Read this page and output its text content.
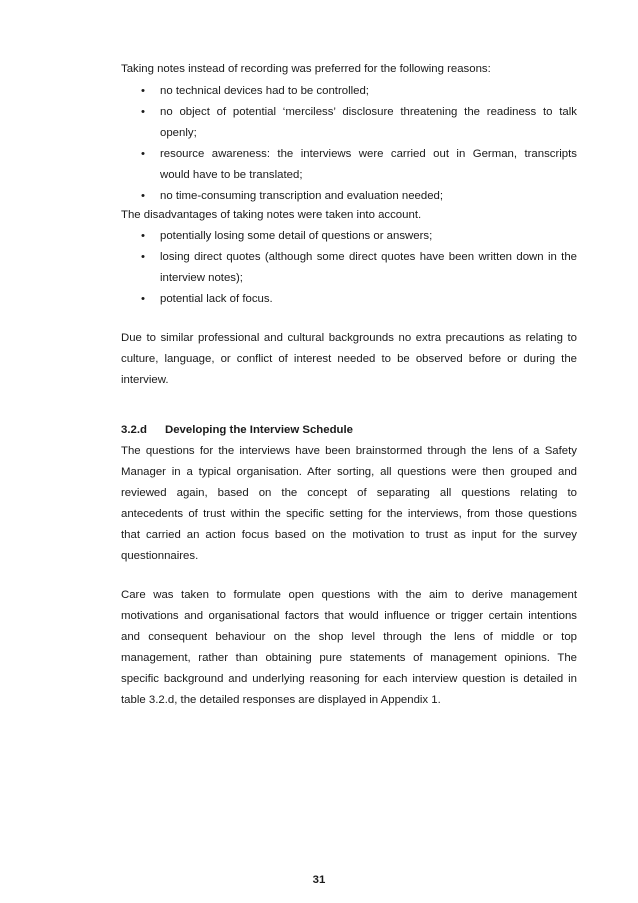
Taking notes instead of recording was preferred for the following reasons:
• no technical devices had to be controlled;
• no object of potential ‘merciless’ disclosure threatening the readiness to talk
openly;
• resource awareness: the interviews were carried out in German, transcripts
would have to be translated;
• no time-consuming transcription and evaluation needed;
The disadvantages of taking notes were taken into account.
• potentially losing some detail of questions or answers;
• losing direct quotes (although some direct quotes have been written down in the
interview notes);
• potential lack of focus.
Due to similar professional and cultural backgrounds no extra precautions as relating to
culture, language, or conflict of interest needed to be observed before or during the
interview.
3.2.d Developing the Interview Schedule
The questions for the interviews have been brainstormed through the lens of a Safety
Manager in a typical organisation. After sorting, all questions were then grouped and
reviewed again, based on the concept of separating all questions relating to
antecedents of trust within the specific setting for the interviews, from those questions
that carried an action focus based on the motivation to trust as input for the survey
questionnaires.
Care was taken to formulate open questions with the aim to derive management
motivations and organisational factors that would influence or trigger certain intentions
and consequent behaviour on the shop level through the lens of middle or top
management, rather than obtaining pure statements of management opinions. The
specific background and underlying reasoning for each interview question is detailed in
table 3.2.d, the detailed responses are displayed in Appendix 1.
31
